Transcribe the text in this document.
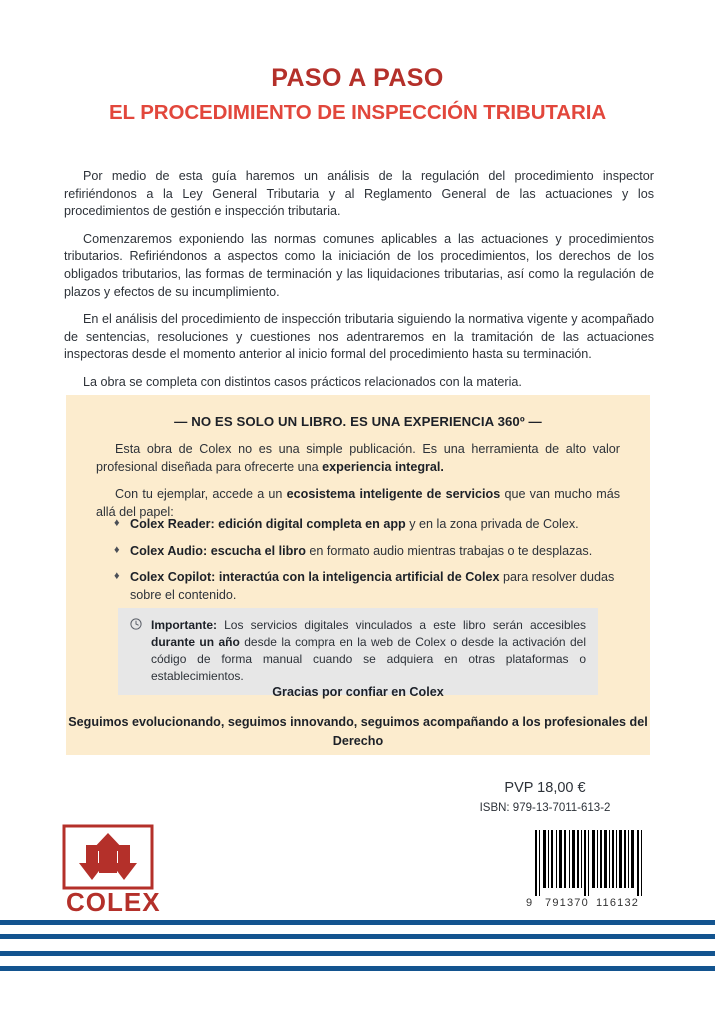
PASO A PASO
EL PROCEDIMIENTO DE INSPECCIÓN TRIBUTARIA

Por medio de esta guía haremos un análisis de la regulación del procedimiento inspector refiriéndonos a la Ley General Tributaria y al Reglamento General de las actuaciones y los procedimientos de gestión e inspección tributaria.

Comenzaremos exponiendo las normas comunes aplicables a las actuaciones y procedimientos tributarios. Refiriéndonos a aspectos como la iniciación de los procedimientos, los derechos de los obligados tributarios, las formas de terminación y las liquidaciones tributarias, así como la regulación de plazos y efectos de su incumplimiento.

En el análisis del procedimiento de inspección tributaria siguiendo la normativa vigente y acompañado de sentencias, resoluciones y cuestiones nos adentraremos en la tramitación de las actuaciones inspectoras desde el momento anterior al inicio formal del procedimiento hasta su terminación.

La obra se completa con distintos casos prácticos relacionados con la materia.

— NO ES SOLO UN LIBRO. ES UNA EXPERIENCIA 360º —

Esta obra de Colex no es una simple publicación. Es una herramienta de alto valor profesional diseñada para ofrecerte una experiencia integral.

Con tu ejemplar, accede a un ecosistema inteligente de servicios que van mucho más allá del papel:

♦ Colex Reader: edición digital completa en app y en la zona privada de Colex.
♦ Colex Audio: escucha el libro en formato audio mientras trabajas o te desplazas.
♦ Colex Copilot: interactúa con la inteligencia artificial de Colex para resolver dudas sobre el contenido.
Importante: Los servicios digitales vinculados a este libro serán accesibles durante un año desde la compra en la web de Colex o desde la activación del código de forma manual cuando se adquiera en otras plataformas o establecimientos.
Gracias por confiar en Colex
Seguimos evolucionando, seguimos innovando, seguimos acompañando a los profesionales del Derecho
PVP 18,00 €
ISBN: 979-13-7011-613-2
9 791370 116132
COLEX
